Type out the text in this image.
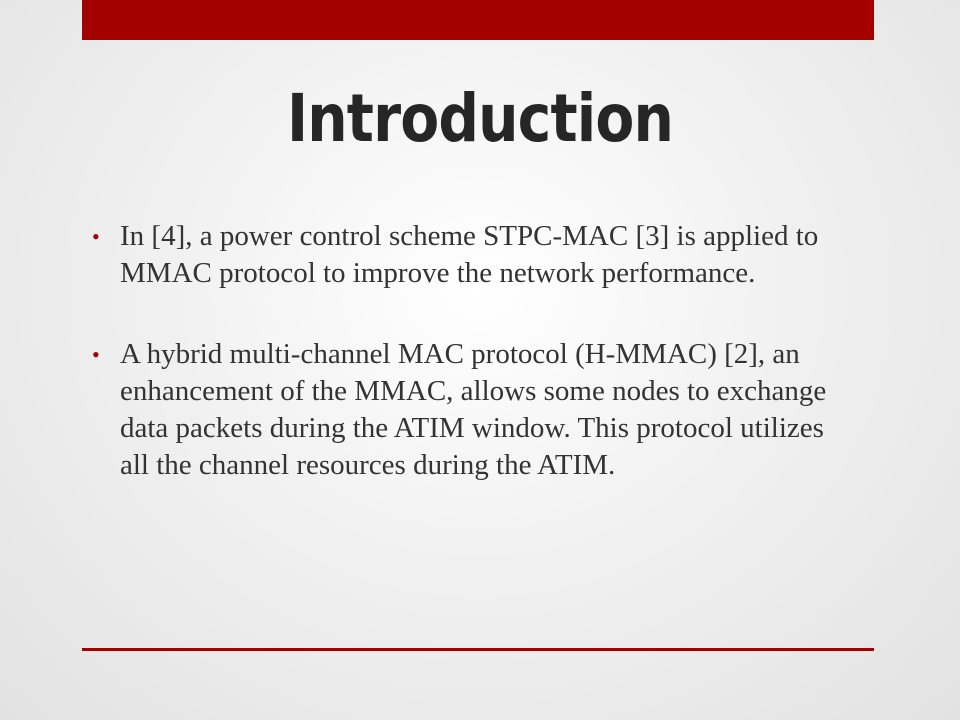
Introduction
• In [4], a power control scheme STPC-MAC [3] is applied to MMAC protocol to improve the network performance.
• A hybrid multi-channel MAC protocol (H-MMAC) [2], an enhancement of the MMAC, allows some nodes to exchange data packets during the ATIM window. This protocol utilizes all the channel resources during the ATIM.
